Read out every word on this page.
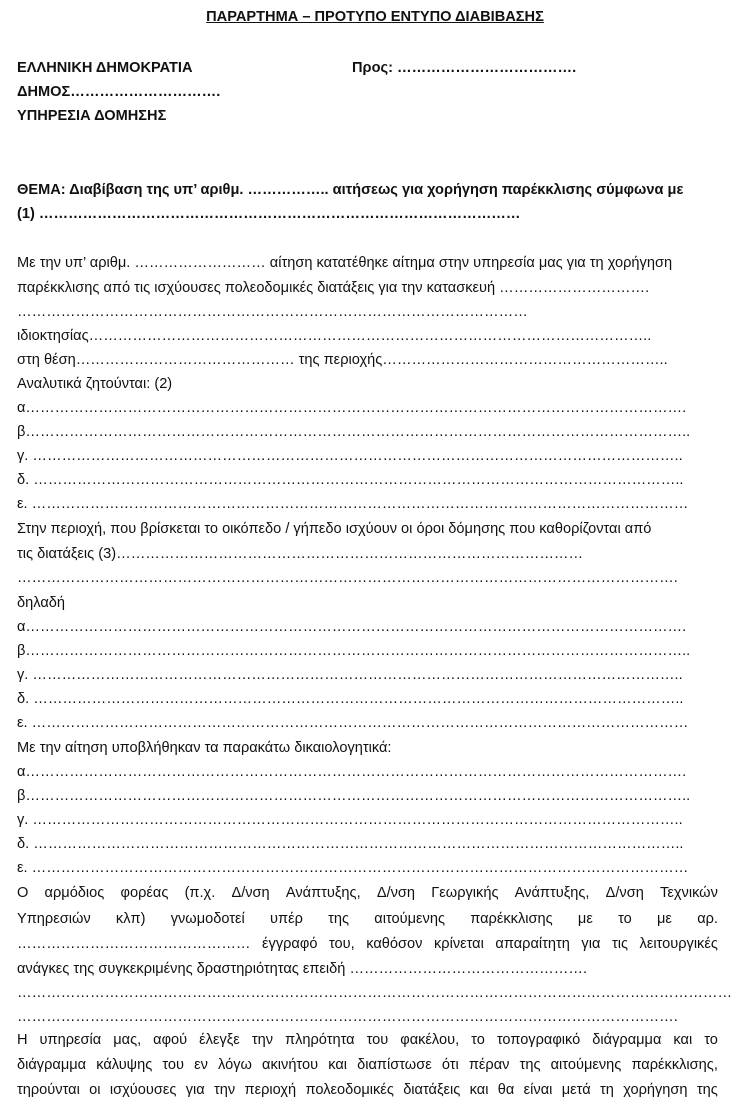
ΠΑΡΑΡΤΗΜΑ – ΠΡΟΤΥΠΟ ΕΝΤΥΠΟ ΔΙΑΒΙΒΑΣΗΣ
ΕΛΛΗΝΙΚΗ ΔΗΜΟΚΡΑΤΙΑ	Προς: ……………………………….
ΔΗΜΟΣ………………………….
ΥΠΗΡΕΣΙΑ ΔΟΜΗΣΗΣ
ΘΕΜΑ: Διαβίβαση της υπ’ αριθμ. …………….. αιτήσεως για χορήγηση παρέκκλισης σύμφωνα με
(1) ………………………………………………………………………………………
Με την υπ’ αριθμ. ……………………… αίτηση κατατέθηκε αίτημα στην υπηρεσία μας για τη χορήγηση
παρέκκλισης από τις ισχύουσες πολεοδομικές διατάξεις για την κατασκευή ………………………….
……………………………………………………………………………………………
ιδιοκτησίας……………………………………………………………………………………………………..
στη θέση……………………………………… της περιοχής…………………………………………………..
Αναλυτικά ζητούνται: (2)
α……………………………………………………………………………………………………………………….
β………………………………………………………………………………………………………………………..
γ. ……………………………………………………………………………………………………………………..
δ. ……………………………………………………………………………………………………………………..
ε. ………………………………………………………………………………………………………………………
Στην περιοχή, που βρίσκεται το οικόπεδο / γήπεδο ισχύουν οι όροι δόμησης που καθορίζονται από
τις διατάξεις (3)……………………………………………………………………………………
……………………………………………………………………………………………………………………….
δηλαδή
α……………………………………………………………………………………………………………………….
β………………………………………………………………………………………………………………………..
γ. ……………………………………………………………………………………………………………………..
δ. ……………………………………………………………………………………………………………………..
ε. ………………………………………………………………………………………………………………………
Με την αίτηση υποβλήθηκαν τα παρακάτω δικαιολογητικά:
α……………………………………………………………………………………………………………………….
β………………………………………………………………………………………………………………………..
γ. ……………………………………………………………………………………………………………………..
δ. ……………………………………………………………………………………………………………………..
ε. ………………………………………………………………………………………………………………………
Ο αρμόδιος φορέας (π.χ. Δ/νση Ανάπτυξης, Δ/νση Γεωργικής Ανάπτυξης, Δ/νση Τεχνικών
Υπηρεσιών κλπ) γνωμοδοτεί υπέρ της αιτούμενης παρέκκλισης με το με αρ.
………………………………………… έγγραφό του, καθόσον κρίνεται απαραίτητη για τις λειτουργικές
ανάγκες της συγκεκριμένης δραστηριότητας επειδή ………………………………………….
…………………………………………………………………………………………………………………………………
……………………………………………………………………………………………………………………….
Η υπηρεσία μας, αφού έλεγξε την πληρότητα του φακέλου, το τοπογραφικό διάγραμμα και το
διάγραμμα κάλυψης του εν λόγω ακινήτου και διαπίστωσε ότι πέραν της αιτούμενης παρέκκλισης,
τηρούνται οι ισχύουσες για την περιοχή πολεοδομικές διατάξεις και θα είναι μετά τη χορήγηση της
